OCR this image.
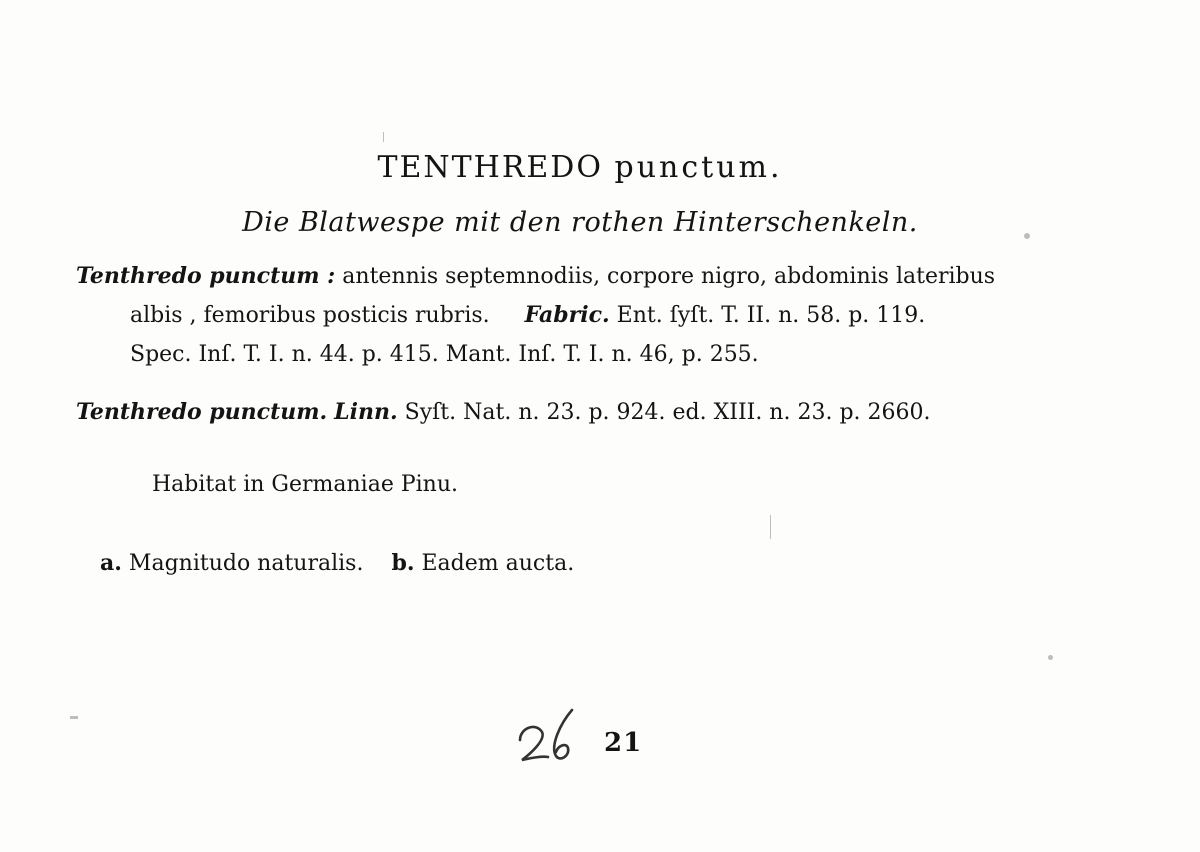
TENTHREDO punctum.
Die Blatwespe mit den rothen Hinterschenkeln.
Tenthredo punctum : antennis septemnodiis, corpore nigro, abdominis lateribus
albis , femoribus posticis rubris. Fabric. Ent. ſyſt. T. II. n. 58. p. 119.
Spec. Inſ. T. I. n. 44. p. 415. Mant. Inſ. T. I. n. 46, p. 255.
Tenthredo punctum. Linn. Syſt. Nat. n. 23. p. 924. ed. XIII. n. 23. p. 2660.
Habitat in Germaniae Pinu.
a. Magnitudo naturalis. b. Eadem aucta.
21
